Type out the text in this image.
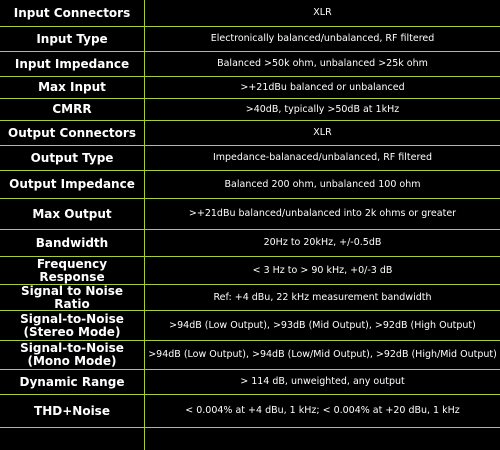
Input Connectors	XLR
Input Type	Electronically balanced/unbalanced, RF filtered
Input Impedance	Balanced >50k ohm, unbalanced >25k ohm
Max Input	>+21dBu balanced or unbalanced
CMRR	>40dB, typically >50dB at 1kHz
Output Connectors	XLR
Output Type	Impedance-balanaced/unbalanced, RF filtered
Output Impedance	Balanced 200 ohm, unbalanced 100 ohm
Max Output	>+21dBu balanced/unbalanced into 2k ohms or greater
Bandwidth	20Hz to 20kHz, +/-0.5dB
Frequency Response	< 3 Hz to > 90 kHz, +0/-3 dB
Signal to Noise Ratio	Ref: +4 dBu, 22 kHz measurement bandwidth
Signal-to-Noise (Stereo Mode)	>94dB (Low Output), >93dB (Mid Output), >92dB (High Output)
Signal-to-Noise (Mono Mode)	>94dB (Low Output), >94dB (Low/Mid Output), >92dB (High/Mid Output)
Dynamic Range	> 114 dB, unweighted, any output
THD+Noise	< 0.004% at +4 dBu, 1 kHz; < 0.004% at +20 dBu, 1 kHz
